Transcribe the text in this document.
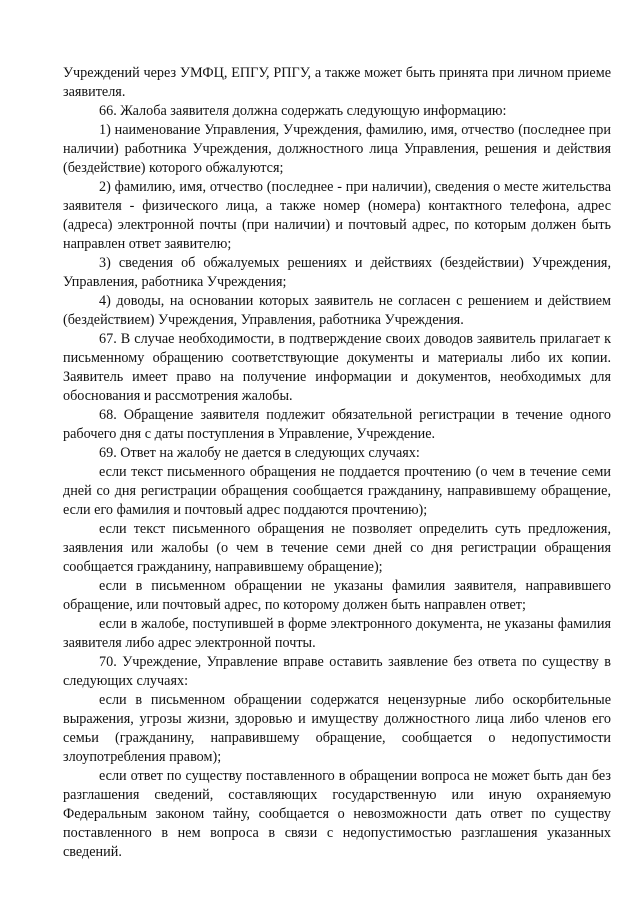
Учреждений через УМФЦ, ЕПГУ, РПГУ, а также может быть принята при личном приеме заявителя.

66. Жалоба заявителя должна содержать следующую информацию:

1) наименование Управления, Учреждения, фамилию, имя, отчество (последнее при наличии) работника Учреждения, должностного лица Управления, решения и действия (бездействие) которого обжалуются;

2) фамилию, имя, отчество (последнее - при наличии), сведения о месте жительства заявителя - физического лица, а также номер (номера) контактного телефона, адрес (адреса) электронной почты (при наличии) и почтовый адрес, по которым должен быть направлен ответ заявителю;

3) сведения об обжалуемых решениях и действиях (бездействии) Учреждения, Управления, работника Учреждения;

4) доводы, на основании которых заявитель не согласен с решением и действием (бездействием) Учреждения, Управления, работника Учреждения.

67. В случае необходимости, в подтверждение своих доводов заявитель прилагает к письменному обращению соответствующие документы и материалы либо их копии. Заявитель имеет право на получение информации и документов, необходимых для обоснования и рассмотрения жалобы.

68. Обращение заявителя подлежит обязательной регистрации в течение одного рабочего дня с даты поступления в Управление, Учреждение.

69. Ответ на жалобу не дается в следующих случаях:

если текст письменного обращения не поддается прочтению (о чем в течение семи дней со дня регистрации обращения сообщается гражданину, направившему обращение, если его фамилия и почтовый адрес поддаются прочтению);

если текст письменного обращения не позволяет определить суть предложения, заявления или жалобы (о чем в течение семи дней со дня регистрации обращения сообщается гражданину, направившему обращение);

если в письменном обращении не указаны фамилия заявителя, направившего обращение, или почтовый адрес, по которому должен быть направлен ответ;

если в жалобе, поступившей в форме электронного документа, не указаны фамилия заявителя либо адрес электронной почты.

70. Учреждение, Управление вправе оставить заявление без ответа по существу в следующих случаях:

если в письменном обращении содержатся нецензурные либо оскорбительные выражения, угрозы жизни, здоровью и имуществу должностного лица либо членов его семьи (гражданину, направившему обращение, сообщается о недопустимости злоупотребления правом);

если ответ по существу поставленного в обращении вопроса не может быть дан без разглашения сведений, составляющих государственную или иную охраняемую Федеральным законом тайну, сообщается о невозможности дать ответ по существу поставленного в нем вопроса в связи с недопустимостью разглашения указанных сведений.
